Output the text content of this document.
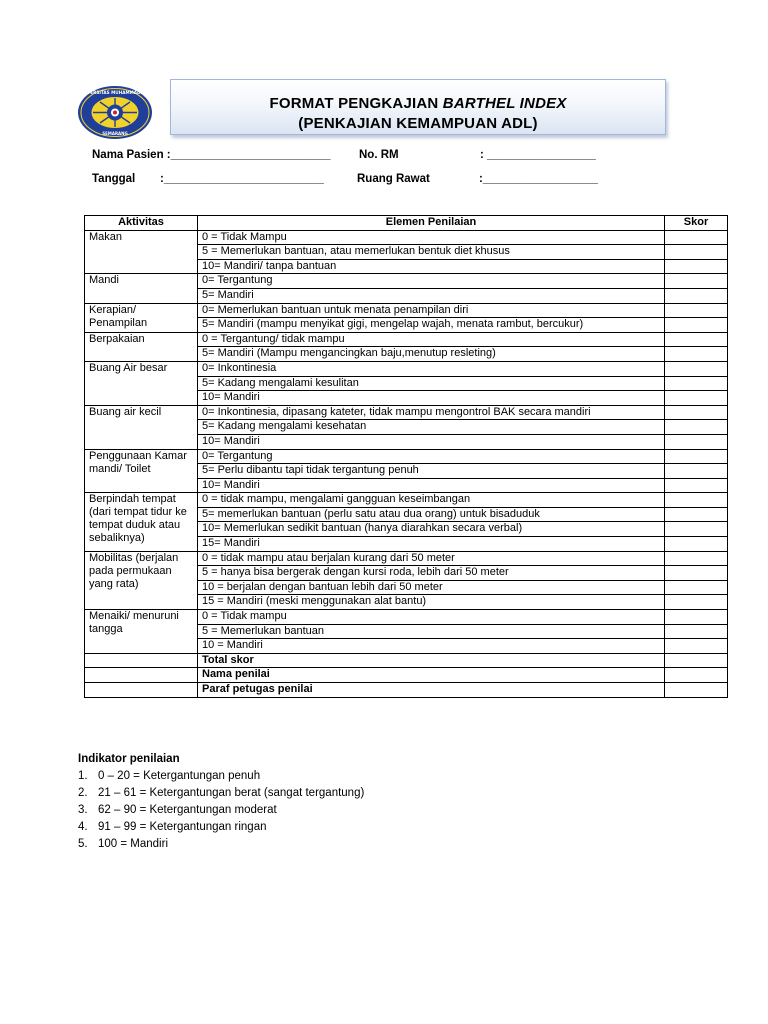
UNIVERSITAS MUHAMMADIYAH
SEMARANG
FORMAT PENGKAJIAN BARTHEL INDEX
(PENKAJIAN KEMAMPUAN ADL)
Nama Pasien :_________________________ No. RM	: _________________
Tanggal :_________________________	Ruang Rawat	:__________________
Aktivitas	Elemen Penilaian	Skor
Makan	0 = Tidak Mampu	
	5 = Memerlukan bantuan, atau memerlukan bentuk diet khusus	
	10= Mandiri/ tanpa bantuan	
Mandi	0= Tergantung	
	5= Mandiri	
Kerapian/ Penampilan	0= Memerlukan bantuan untuk menata penampilan diri	
	5= Mandiri (mampu menyikat gigi, mengelap wajah, menata rambut, bercukur)	
Berpakaian	0 = Tergantung/ tidak mampu	
	5= Mandiri (Mampu mengancingkan baju,menutup resleting)	
Buang Air besar	0= Inkontinesia	
	5= Kadang mengalami kesulitan	
	10= Mandiri	
Buang air kecil	0= Inkontinesia, dipasang kateter, tidak mampu mengontrol BAK secara mandiri	
	5= Kadang mengalami kesehatan	
	10= Mandiri	
Penggunaan Kamar mandi/ Toilet	0= Tergantung	
	5= Perlu dibantu tapi tidak tergantung penuh	
	10= Mandiri	
Berpindah tempat (dari tempat tidur ke tempat duduk atau sebaliknya)	0 = tidak mampu, mengalami gangguan keseimbangan	
	5= memerlukan bantuan (perlu satu atau dua orang) untuk bisaduduk	
	10= Memerlukan sedikit bantuan (hanya diarahkan secara verbal)	
	15= Mandiri	
Mobilitas (berjalan pada permukaan yang rata)	0 = tidak mampu atau berjalan kurang dari 50 meter	
	5 = hanya bisa bergerak dengan kursi roda, lebih dari 50 meter	
	10 = berjalan dengan bantuan lebih dari 50 meter	
	15 = Mandiri (meski menggunakan alat bantu)	
Menaiki/ menuruni tangga	0 = Tidak mampu	
	5 = Memerlukan bantuan	
	10 = Mandiri	
	Total skor	
	Nama penilai	
	Paraf petugas penilai	
Indikator penilaian
1. 0 – 20 = Ketergantungan penuh
2. 21 – 61 = Ketergantungan berat (sangat tergantung)
3. 62 – 90 = Ketergantungan moderat
4. 91 – 99 = Ketergantungan ringan
5. 100 = Mandiri
